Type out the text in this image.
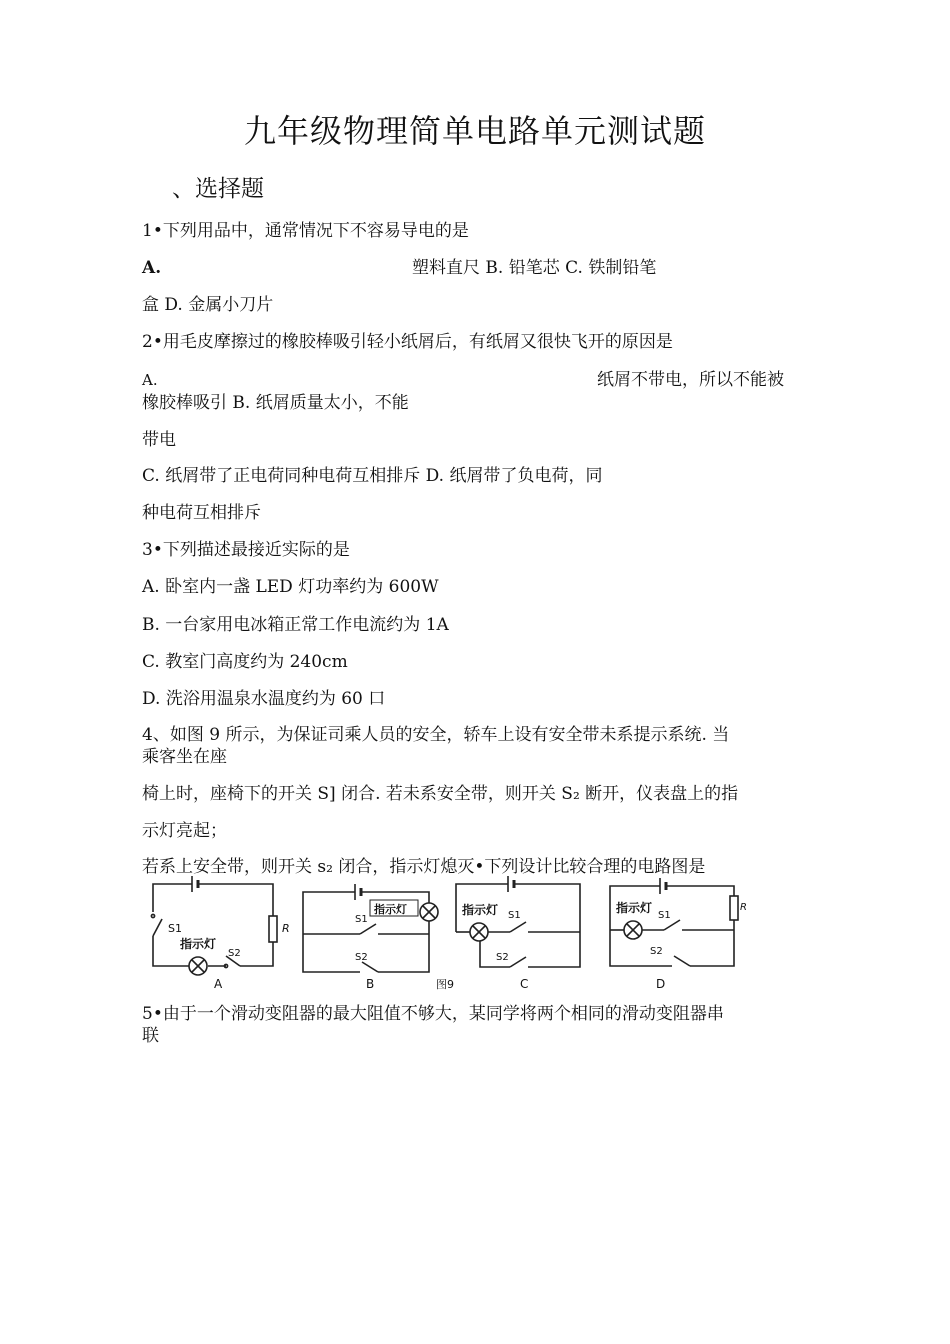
九年级物理简单电路单元测试题
、选择题
1•下列用品中，通常情况下不容易导电的是
A.	塑料直尺 B. 铅笔芯 C. 铁制铅笔
盒 D. 金属小刀片
2•用毛皮摩擦过的橡胶棒吸引轻小纸屑后，有纸屑又很快飞开的原因是
A.	纸屑不带电，所以不能被
橡胶棒吸引 B. 纸屑质量太小，不能
带电
C. 纸屑带了正电荷同种电荷互相排斥 D. 纸屑带了负电荷，同
种电荷互相排斥
3•下列描述最接近实际的是
A. 卧室内一盏 LED 灯功率约为 600W
B. 一台家用电冰箱正常工作电流约为 1A
C. 教室门高度约为 240cm
D. 洗浴用温泉水温度约为 60 口
4、如图 9 所示，为保证司乘人员的安全，轿车上设有安全带未系提示系统. 当
乘客坐在座
椅上时，座椅下的开关 S] 闭合. 若未系安全带，则开关 S₂ 断开，仪表盘上的指
示灯亮起；
若系上安全带，则开关 s₂ 闭合，指示灯熄灭•下列设计比较合理的电路图是
S1
指示灯
S2
R
A
S1
指示灯
S2
B	图9
指示灯 S1
S2
C
指示灯
S1
S2
R
D
5•由于一个滑动变阻器的最大阻值不够大，某同学将两个相同的滑动变阻器串
联
